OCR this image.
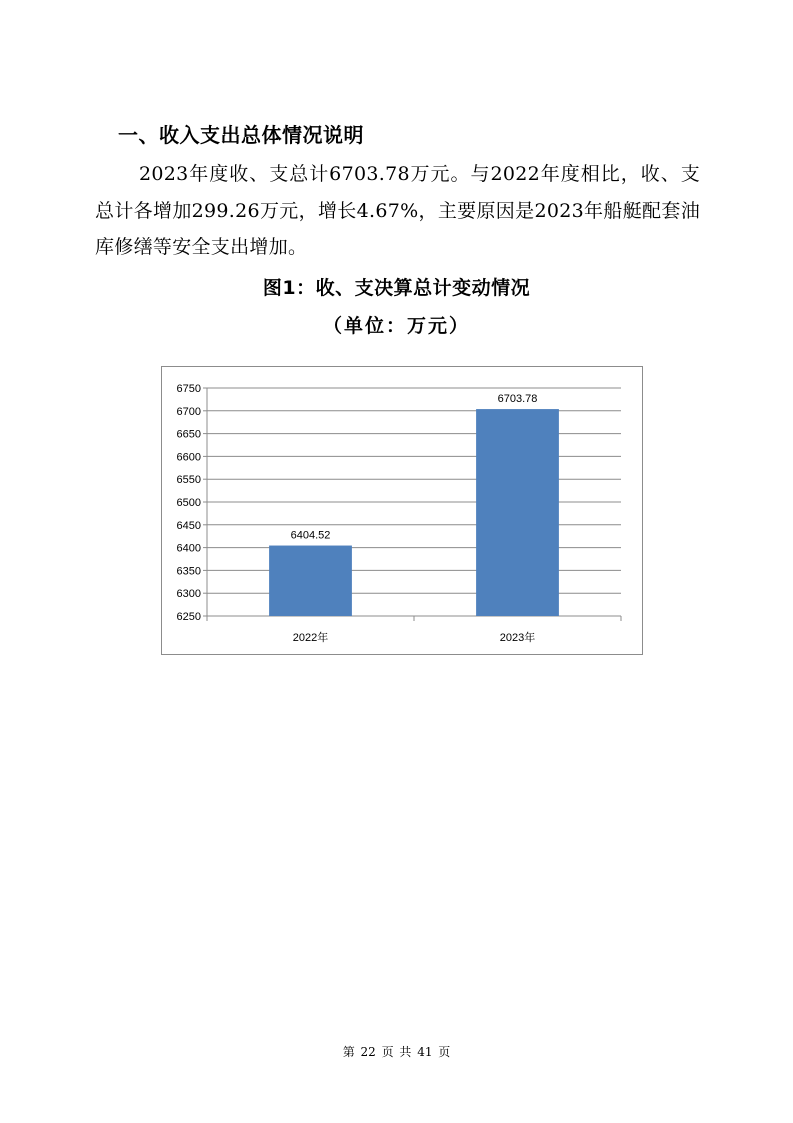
一、收入支出总体情况说明
2023年度收、支总计6703.78万元。与2022年度相比，收、支总计各增加299.26万元，增长4.67%，主要原因是2023年船艇配套油库修缮等安全支出增加。
图1：收、支决算总计变动情况
（单位：万元）
6250
6300
6350
6400
6450
6500
6550
6600
6650
6700
6750
6404.52
2022年
6703.78
2023年
第 22 页 共 41 页
